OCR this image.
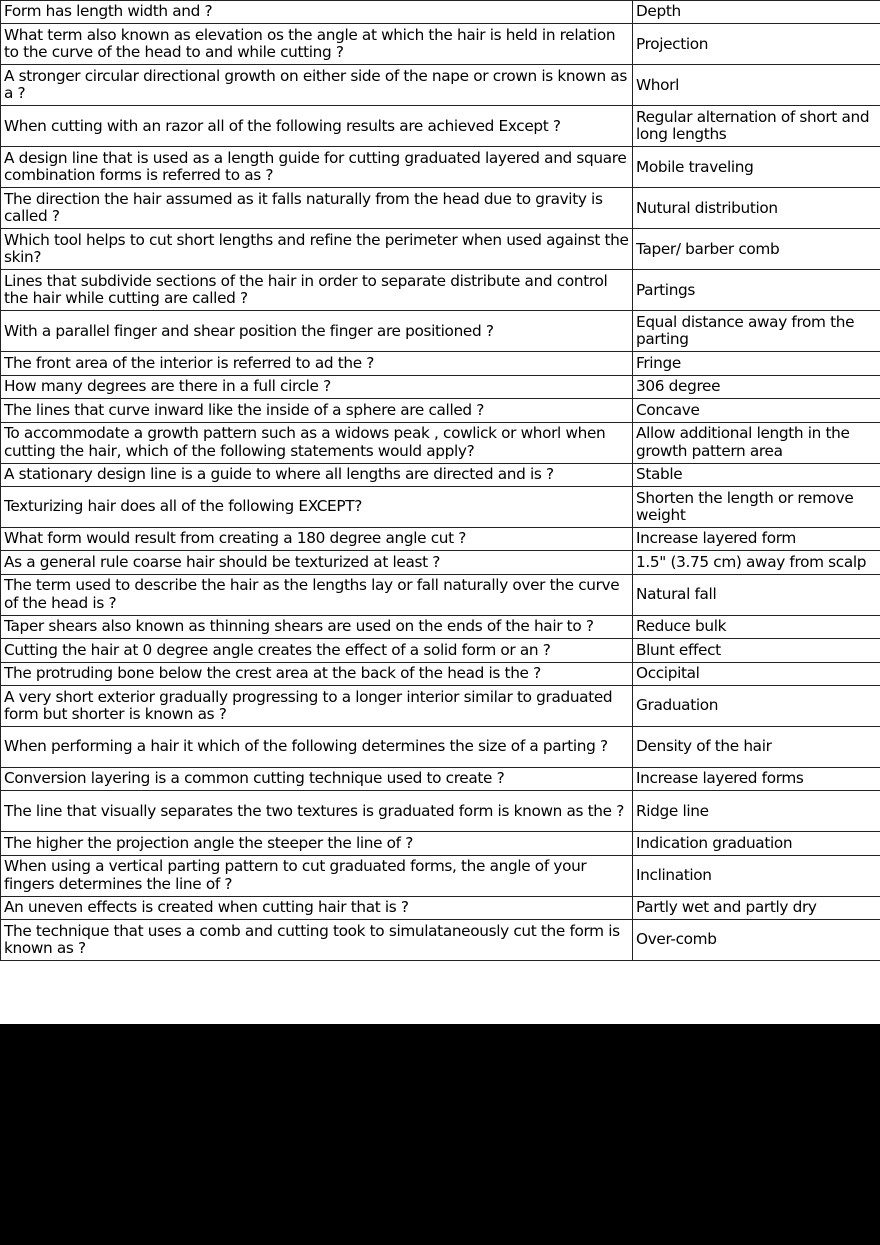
Form has length width and ?	Depth
What term also known as elevation os the angle at which the hair is held in relation to the curve of the head to and while cutting ?	Projection
A stronger circular directional growth on either side of the nape or crown is known as a ?	Whorl
When cutting with an razor all of the following results are achieved Except ?	Regular alternation of short and long lengths
A design line that is used as a length guide for cutting graduated layered and square combination forms is referred to as ?	Mobile traveling
The direction the hair assumed as it falls naturally from the head due to gravity is called ?	Nutural distribution
Which tool helps to cut short lengths and refine the perimeter when used against the skin?	Taper/ barber comb
Lines that subdivide sections of the hair in order to separate distribute and control the hair while cutting are called ?	Partings
With a parallel finger and shear position the finger are positioned ?	Equal distance away from the parting
The front area of the interior is referred to ad the ?	Fringe
How many degrees are there in a full circle ?	306 degree
The lines that curve inward like the inside of a sphere are called ?	Concave
To accommodate a growth pattern such as a widows peak , cowlick or whorl when cutting the hair, which of the following statements would apply?	Allow additional length in the growth pattern area
A stationary design line is a guide to where all lengths are directed and is ?	Stable
Texturizing hair does all of the following EXCEPT?	Shorten the length or remove weight
What form would result from creating a 180 degree angle cut ?	Increase layered form
As a general rule coarse hair should be texturized at least ?	1.5" (3.75 cm) away from scalp
The term used to describe the hair as the lengths lay or fall naturally over the curve of the head is ?	Natural fall
Taper shears also known as thinning shears are used on the ends of the hair to ?	Reduce bulk
Cutting the hair at 0 degree angle creates the effect of a solid form or an ?	Blunt effect
The protruding bone below the crest area at the back of the head is the ?	Occipital
A very short exterior gradually progressing to a longer interior similar to graduated form but shorter is known as ?	Graduation
When performing a hair it which of the following determines the size of a parting ?	Density of the hair
Conversion layering is a common cutting technique used to create ?	Increase layered forms
The line that visually separates the two textures is graduated form is known as the ?	Ridge line
The higher the projection angle the steeper the line of ?	Indication graduation
When using a vertical parting pattern to cut graduated forms, the angle of your fingers determines the line of ?	Inclination
An uneven effects is created when cutting hair that is ?	Partly wet and partly dry
The technique that uses a comb and cutting took to simulataneously cut the form is known as ?	Over-comb
